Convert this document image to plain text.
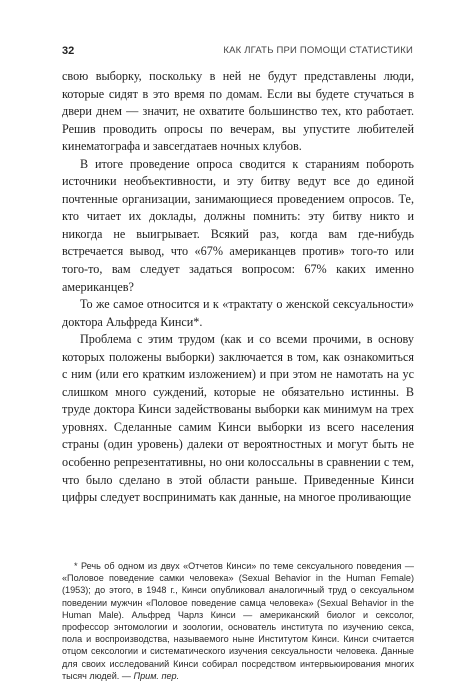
32	КАК ЛГАТЬ ПРИ ПОМОЩИ СТАТИСТИКИ

свою выборку, поскольку в ней не будут представлены люди, которые сидят в это время по домам. Если вы будете стучаться в двери днем — значит, не охватите большинство тех, кто работает. Решив проводить опросы по вечерам, вы упустите любителей кинематографа и завсегдатаев ночных клубов.

В итоге проведение опроса сводится к стараниям побороть источники необъективности, и эту битву ведут все до единой почтенные организации, занимающиеся проведением опросов. Те, кто читает их доклады, должны помнить: эту битву никто и никогда не выигрывает. Всякий раз, когда вам где-нибудь встречается вывод, что «67% американцев против» того-то или того-то, вам следует задаться вопросом: 67% каких именно американцев?

То же самое относится и к «трактату о женской сексуальности» доктора Альфреда Кинси*.

Проблема с этим трудом (как и со всеми прочими, в основу которых положены выборки) заключается в том, как ознакомиться с ним (или его кратким изложением) и при этом не намотать на ус слишком много суждений, которые не обязательно истинны. В труде доктора Кинси задействованы выборки как минимум на трех уровнях. Сделанные самим Кинси выборки из всего населения страны (один уровень) далеки от вероятностных и могут быть не особенно репрезентативны, но они колоссальны в сравнении с тем, что было сделано в этой области раньше. Приведенные Кинси цифры следует воспринимать как данные, на многое проливающие

* Речь об одном из двух «Отчетов Кинси» по теме сексуального поведения — «Половое поведение самки человека» (Sexual Behavior in the Human Female) (1953); до этого, в 1948 г., Кинси опубликовал аналогичный труд о сексуальном поведении мужчин «Половое поведение самца человека» (Sexual Behavior in the Human Male). Альфред Чарлз Кинси — американский биолог и сексолог, профессор энтомологии и зоологии, основатель института по изучению секса, пола и воспроизводства, называемого ныне Институтом Кинси. Кинси считается отцом сексологии и систематического изучения сексуальности человека. Данные для своих исследований Кинси собирал посредством интервьюирования многих тысяч людей. — Прим. пер.
